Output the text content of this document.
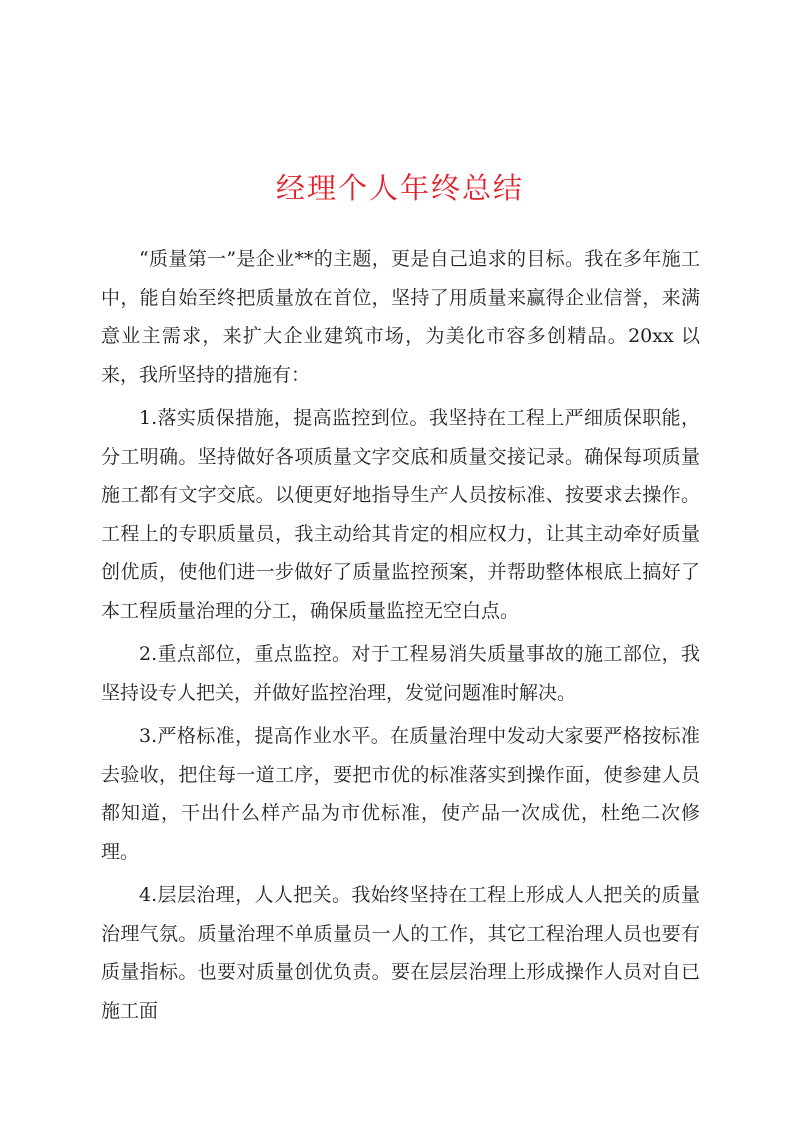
经理个人年终总结

“质量第一”是企业**的主题，更是自己追求的目标。我在多年施工中，能自始至终把质量放在首位，坚持了用质量来赢得企业信誉，来满意业主需求，来扩大企业建筑市场，为美化市容多创精品。20xx 以来，我所坚持的措施有：

1.落实质保措施，提高监控到位。我坚持在工程上严细质保职能，分工明确。坚持做好各项质量文字交底和质量交接记录。确保每项质量施工都有文字交底。以便更好地指导生产人员按标准、按要求去操作。工程上的专职质量员，我主动给其肯定的相应权力，让其主动牵好质量创优质，使他们进一步做好了质量监控预案，并帮助整体根底上搞好了本工程质量治理的分工，确保质量监控无空白点。

2.重点部位，重点监控。对于工程易消失质量事故的施工部位，我坚持设专人把关，并做好监控治理，发觉问题准时解决。

3.严格标准，提高作业水平。在质量治理中发动大家要严格按标准去验收，把住每一道工序，要把市优的标准落实到操作面，使参建人员都知道，干出什么样产品为市优标准，使产品一次成优，杜绝二次修理。

4.层层治理，人人把关。我始终坚持在工程上形成人人把关的质量治理气氛。质量治理不单质量员一人的工作，其它工程治理人员也要有质量指标。也要对质量创优负责。要在层层治理上形成操作人员对自已施工面
